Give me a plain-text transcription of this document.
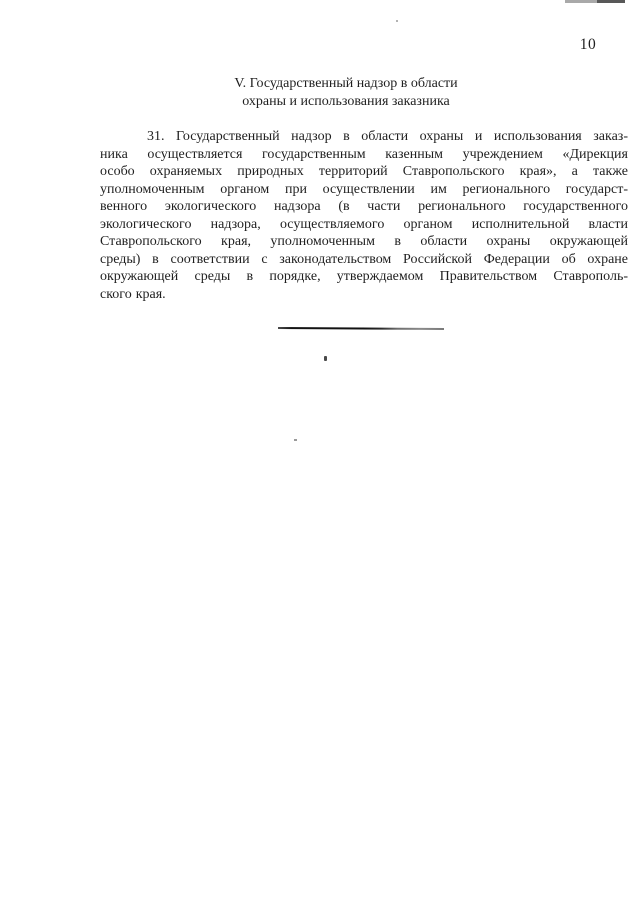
10
V. Государственный надзор в области
охраны и использования заказника
31. Государственный надзор в области охраны и использования заказ-
ника осуществляется государственным казенным учреждением «Дирекция
особо охраняемых природных территорий Ставропольского края», а также
уполномоченным органом при осуществлении им регионального государст-
венного экологического надзора (в части регионального государственного
экологического надзора, осуществляемого органом исполнительной власти
Ставропольского края, уполномоченным в области охраны окружающей
среды) в соответствии с законодательством Российской Федерации об охране
окружающей среды в порядке, утверждаемом Правительством Ставрополь-
ского края.
